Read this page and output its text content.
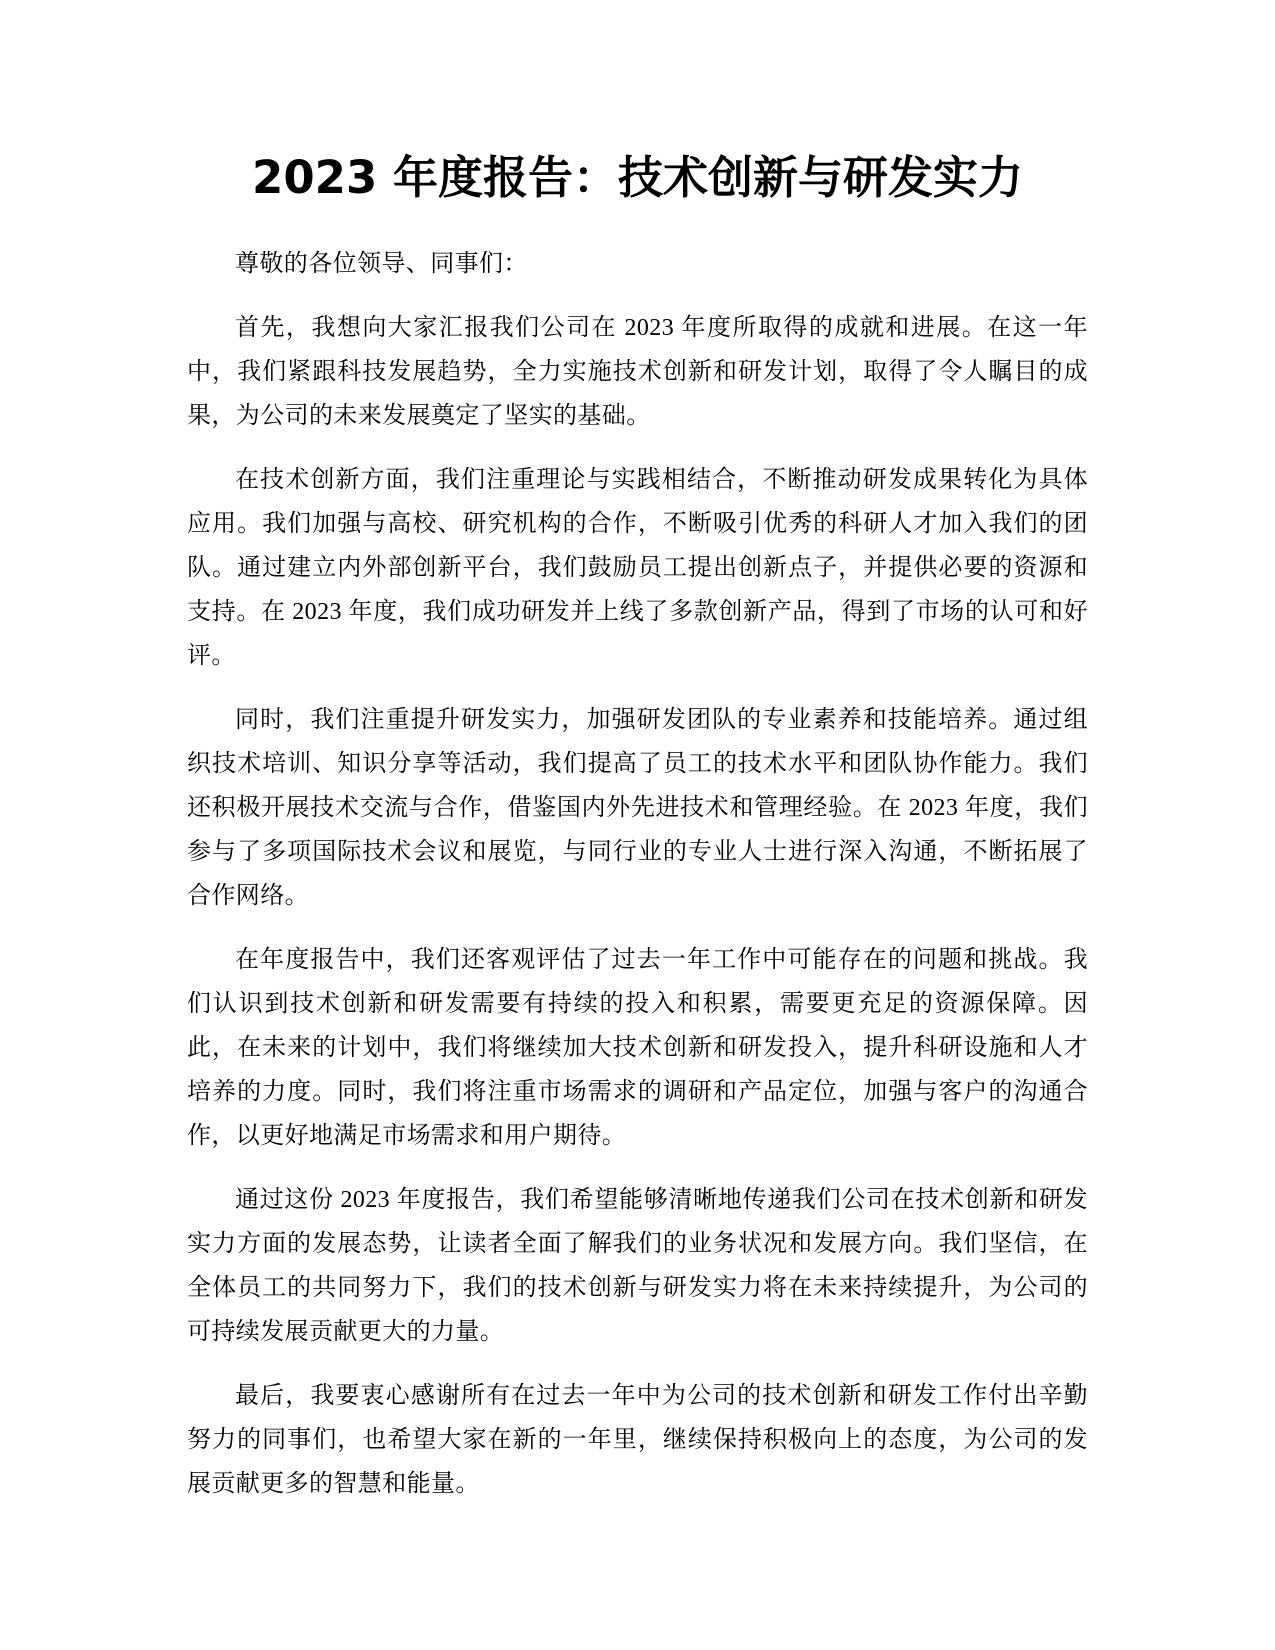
2023 年度报告：技术创新与研发实力

尊敬的各位领导、同事们：

首先，我想向大家汇报我们公司在 2023 年度所取得的成就和进展。在这一年中，我们紧跟科技发展趋势，全力实施技术创新和研发计划，取得了令人瞩目的成果，为公司的未来发展奠定了坚实的基础。

在技术创新方面，我们注重理论与实践相结合，不断推动研发成果转化为具体应用。我们加强与高校、研究机构的合作，不断吸引优秀的科研人才加入我们的团队。通过建立内外部创新平台，我们鼓励员工提出创新点子，并提供必要的资源和支持。在 2023 年度，我们成功研发并上线了多款创新产品，得到了市场的认可和好评。

同时，我们注重提升研发实力，加强研发团队的专业素养和技能培养。通过组织技术培训、知识分享等活动，我们提高了员工的技术水平和团队协作能力。我们还积极开展技术交流与合作，借鉴国内外先进技术和管理经验。在 2023 年度，我们参与了多项国际技术会议和展览，与同行业的专业人士进行深入沟通，不断拓展了合作网络。

在年度报告中，我们还客观评估了过去一年工作中可能存在的问题和挑战。我们认识到技术创新和研发需要有持续的投入和积累，需要更充足的资源保障。因此，在未来的计划中，我们将继续加大技术创新和研发投入，提升科研设施和人才培养的力度。同时，我们将注重市场需求的调研和产品定位，加强与客户的沟通合作，以更好地满足市场需求和用户期待。

通过这份 2023 年度报告，我们希望能够清晰地传递我们公司在技术创新和研发实力方面的发展态势，让读者全面了解我们的业务状况和发展方向。我们坚信，在全体员工的共同努力下，我们的技术创新与研发实力将在未来持续提升，为公司的可持续发展贡献更大的力量。

最后，我要衷心感谢所有在过去一年中为公司的技术创新和研发工作付出辛勤努力的同事们，也希望大家在新的一年里，继续保持积极向上的态度，为公司的发展贡献更多的智慧和能量。
